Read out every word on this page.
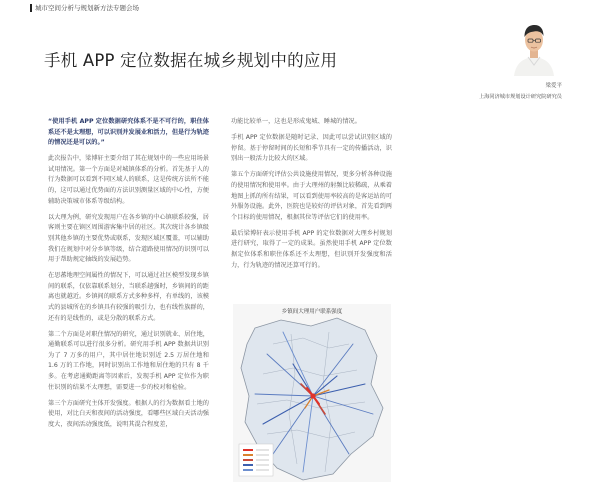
城市空间分析与规划新方法专题会场
手机 APP 定位数据在城乡规划中的应用
梁爱平
上海同济城市规划设计研究院研究员

“使用手机 APP 定位数据研究体系不是不可行的，职住体系还不是太理想，可以识别并发展业和活力，但是行为轨迹的情况还是可以的。”

此次报告中，梁博轩主要介绍了其在规划中的一些应用场景试用情况。第一个方面是对城镇体系的分析。首先基于人的行为数据可以看到不同区域人的联系，这是传统方法所不能的，这可以通过优势面的方法识别测量区域的中心性，方便辅助决策城市体系等级结构。

以大理为例，研究发现用户在各乡镇的中心镇联系较强，居客则主要在镇区周围游客集中居的社区。其次统计各乡镇级别其他乡镇的主要优势或联系，发现区域区覆盖，可以辅助我们在规划中对分乡镇等级，结合道路使用情况的识别可以用于帮助规定轴线的发展趋势。

在思蕃地理空间属性的情况下，可以通过社区模型发现乡镇间的联系，仅依靠联系划分，当联系越强时，乡镇间的的距离也就越近。乡镇间的联系方式多种多样，有单线的，该模式的县城所在的乡镇具有较强的吸引力，也有线性族群的，还有的是线性的，或是分散的联系方式。

第二个方面是对职住情况的研究，通过识别就业、居住地，通勤联系可以进行很多分析。研究用手机 APP 数据共识别为了 7 万多的用户，其中居住地识别近 2.5 万居住地和 1.6 万的工作地，同时识别出工作地和居住地的只有 8 千多。在考虑通勤距离等因素后，发现手机 APP 定位作为职住识别的结果不太理想，需要进一步的校对和检验。

第三个方面研究主体开发强度。根据人的行为数据看土地的使用，对比白天和夜间的活动强度，看哪些区域白天活动强度大，夜间活动强度低，说明其混合程度差，

功能比较单一，这也是形成鬼城、睡城的情况。

手机 APP 定位数据是随时记录、因此可以尝试识别区域的停留。基于停留时间的长短和季节具有一定的传播活动，识别出一般活力比较大的区域。

第五个方面研究评估公共设施使用情况，更多分析各种设施的使用情况和使用率。由于大理州的射频比较稀疏，从乘着地图上抓的所有结果，可以看到使用率较高的是客运站的可外服务设施。此外，医院也是较好的评估对象，首先看到两个目标的使用情况，根据其位等评估它们的使用率。

最后梁博轩表示使用手机 APP 的定位数据对大理乡村规划进行研究，取得了一定的成果。虽然使用手机 APP 定位数据定位体系和职住体系还不太理想，但识别开发强度和活力，行为轨迹的情况还算可行的。

乡镇间大理用户联系强度
